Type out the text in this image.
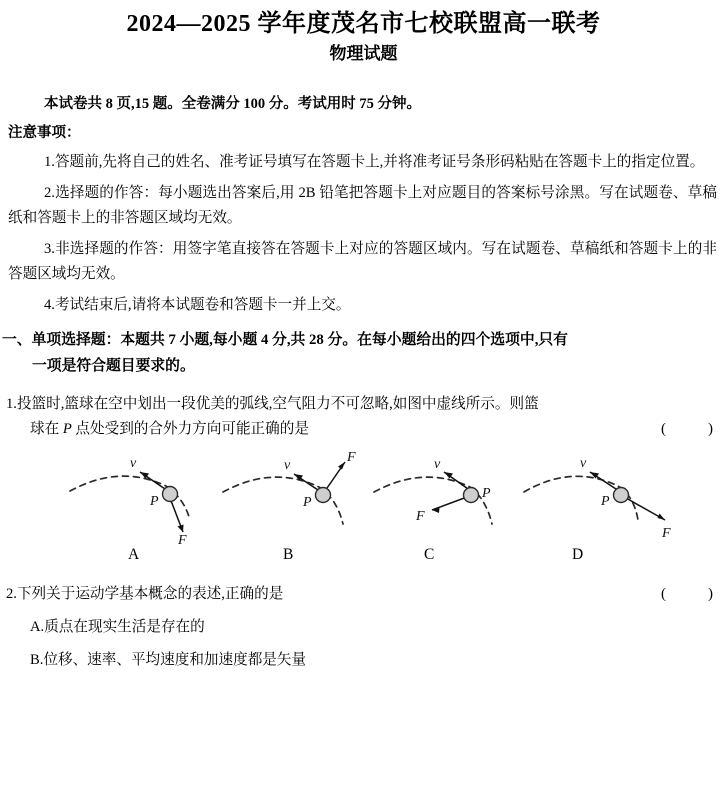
2024—2025 学年度茂名市七校联盟高一联考
物理试题

本试卷共 8 页,15 题。全卷满分 100 分。考试用时 75 分钟。

注意事项：

1.答题前,先将自己的姓名、准考证号填写在答题卡上,并将准考证号条形码粘贴在答题卡上的指定位置。

2.选择题的作答：每小题选出答案后,用 2B 铅笔把答题卡上对应题目的答案标号涂黑。写在试题卷、草稿纸和答题卡上的非答题区域均无效。

3.非选择题的作答：用签字笔直接答在答题卡上对应的答题区域内。写在试题卷、草稿纸和答题卡上的非答题区域均无效。

4.考试结束后,请将本试题卷和答题卡一并上交。

一、单项选择题：本题共 7 小题,每小题 4 分,共 28 分。在每小题给出的四个选项中,只有
一项是符合题目要求的。
1.投篮时,篮球在空中划出一段优美的弧线,空气阻力不可忽略,如图中虚线所示。则篮
球在 P 点处受到的合外力方向可能正确的是	(	)
P
v
F
P
v
F
P
v
F
P
v
F
A	B	C	D
2.下列关于运动学基本概念的表述,正确的是	(	)

A.质点在现实生活是存在的

B.位移、速率、平均速度和加速度都是矢量
